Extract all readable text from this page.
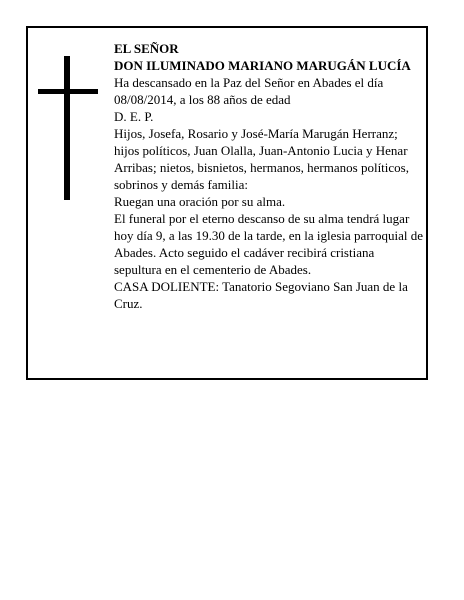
EL SEÑOR
DON ILUMINADO MARIANO MARUGÁN LUCÍA

Ha descansado en la Paz del Señor en Abades el día 08/08/2014, a los 88 años de edad

D. E. P.

Hijos, Josefa, Rosario y José-María Marugán Herranz; hijos políticos, Juan Olalla, Juan-Antonio Lucia y Henar Arribas; nietos, bisnietos, hermanos, hermanos políticos, sobrinos y demás familia:

Ruegan una oración por su alma.

El funeral por el eterno descanso de su alma tendrá lugar hoy día 9, a las 19.30 de la tarde, en la iglesia parroquial de Abades. Acto seguido el cadáver recibirá cristiana sepultura en el cementerio de Abades.

CASA DOLIENTE: Tanatorio Segoviano San Juan de la Cruz.
